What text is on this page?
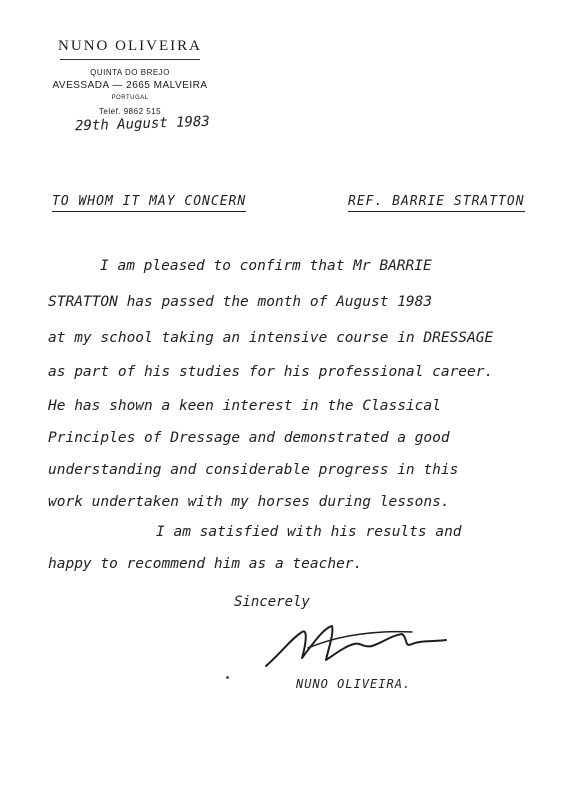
NUNO OLIVEIRA
QUINTA DO BREJO
AVESSADA — 2665 MALVEIRA
PORTUGAL
Telef. 9862 515
29th August 1983
TO WHOM IT MAY CONCERN	REF. BARRIE STRATTON
I am pleased to confirm that Mr BARRIE
STRATTON has passed the month of August 1983
at my school taking an intensive course in DRESSAGE
as part of his studies for his professional career.
He has shown a keen interest in the Classical
Principles of Dressage and demonstrated a good
understanding and considerable progress in this
work undertaken with my horses during lessons.
I am satisfied with his results and
happy to recommend him as a teacher.
Sincerely
NUNO OLIVEIRA.
